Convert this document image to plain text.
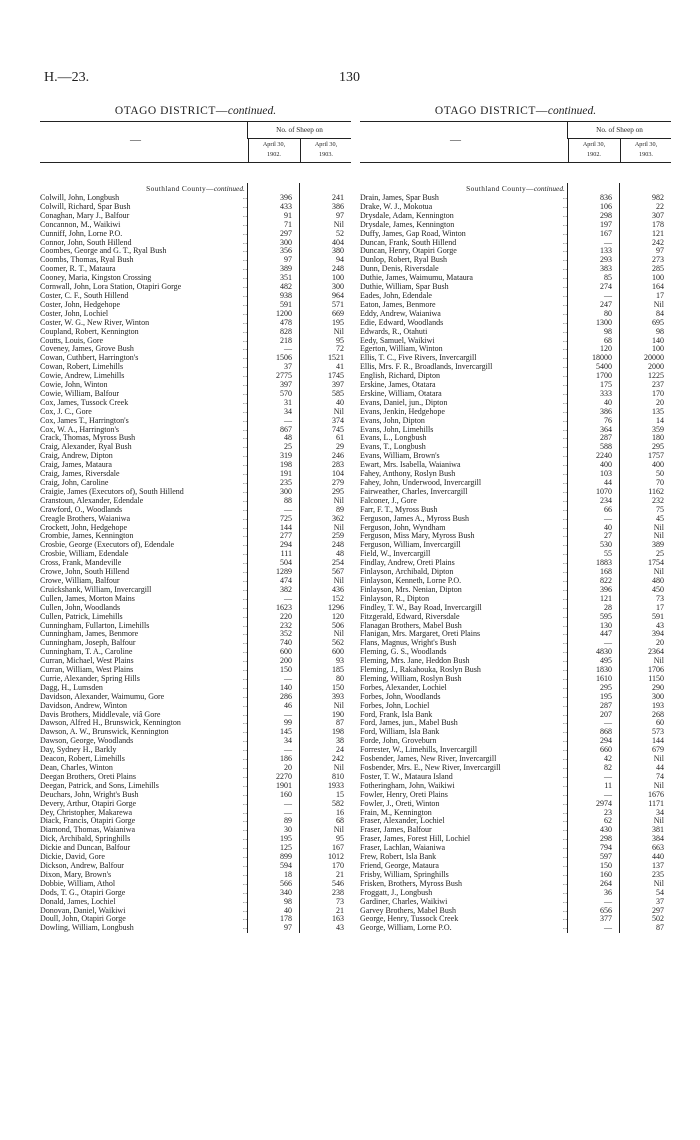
H.—23.	130
OTAGO DISTRICT—continued.
—
No. of Sheep on
April 30,
1902.
April 30,
1903.
Southland County—continued.
Colwill, John, Longbush	...	396	241
Colwill, Richard, Spar Bush	...	433	386
Conaghan, Mary J., Balfour	...	91	97
Concannon, M., Waikiwi	...	71	Nil
Cunniff, John, Lorne P.O.	...	297	52
Connor, John, South Hillend	...	300	404
Coombes, George and G. T., Ryal Bush	...	356	380
Coombs, Thomas, Ryal Bush	...	97	94
Coomer, R. T., Mataura	...	389	248
Cooney, Maria, Kingston Crossing	...	351	100
Cornwall, John, Lora Station, Otapiri Gorge	...	482	300
Coster, C. F., South Hillend	...	938	964
Coster, John, Hedgehope	...	591	571
Coster, John, Lochiel	...	1200	669
Coster, W. G., New River, Winton	...	478	195
Coupland, Robert, Kennington	...	828	Nil
Coutts, Louis, Gore	...	218	95
Coveney, James, Grove Bush	...	—	72
Cowan, Cuthbert, Harrington's	...	1506	1521
Cowan, Robert, Limehills	...	37	41
Cowie, Andrew, Limehills	...	2775	1745
Cowie, John, Winton	...	397	397
Cowie, William, Balfour	...	570	585
Cox, James, Tussock Creek	...	31	40
Cox, J. C., Gore	...	34	Nil
Cox, James T., Harrington's	...	—	374
Cox, W. A., Harrington's	...	867	745
Crack, Thomas, Myross Bush	...	48	61
Craig, Alexander, Ryal Bush	...	25	29
Craig, Andrew, Dipton	...	319	246
Craig, James, Mataura	...	198	283
Craig, James, Riversdale	...	191	104
Craig, John, Caroline	...	235	279
Craigie, James (Executors of), South Hillend	...	300	295
Cranstoun, Alexander, Edendale	...	88	Nil
Crawford, O., Woodlands	...	—	89
Creagle Brothers, Waianiwa	...	725	362
Crockett, John, Hedgehope	...	144	Nil
Crombie, James, Kennington	...	277	259
Crosbie, George (Executors of), Edendale	...	294	248
Crosbie, William, Edendale	...	111	48
Cross, Frank, Mandeville	...	504	254
Crowe, John, South Hillend	...	1289	567
Crowe, William, Balfour	...	474	Nil
Cruickshank, William, Invercargill	...	382	436
Cullen, James, Morton Mains	...	—	152
Cullen, John, Woodlands	...	1623	1296
Cullen, Patrick, Limehills	...	220	120
Cunningham, Fullarton, Limehills	...	232	506
Cunningham, James, Benmore	...	352	Nil
Cunningham, Joseph, Balfour	...	740	562
Cunningham, T. A., Caroline	...	600	600
Curran, Michael, West Plains	...	200	93
Curran, William, West Plains	...	150	185
Currie, Alexander, Spring Hills	...	—	80
Dagg, H., Lumsden	...	140	150
Davidson, Alexander, Waimumu, Gore	...	286	393
Davidson, Andrew, Winton	...	46	Nil
Davis Brothers, Middlevale, viâ Gore	...	—	190
Dawson, Alfred H., Brunswick, Kennington	...	99	87
Dawson, A. W., Brunswick, Kennington	...	145	198
Dawson, George, Woodlands	...	34	38
Day, Sydney H., Barkly	...	—	24
Deacon, Robert, Limehills	...	186	242
Dean, Charles, Winton	...	20	Nil
Deegan Brothers, Oreti Plains	...	2270	810
Deegan, Patrick, and Sons, Limehills	...	1901	1933
Deuchars, John, Wright's Bush	...	160	15
Devery, Arthur, Otapiri Gorge	...	—	582
Dey, Christopher, Makarewa	...	—	16
Diack, Francis, Otapiri Gorge	...	89	68
Diamond, Thomas, Waianiwa	...	30	Nil
Dick, Archibald, Springhills	...	195	95
Dickie and Duncan, Balfour	...	125	167
Dickie, David, Gore	...	899	1012
Dickson, Andrew, Balfour	...	594	170
Dixon, Mary, Brown's	...	18	21
Dobbie, William, Athol	...	566	546
Dods, T. G., Otapiri Gorge	...	340	238
Donald, James, Lochiel	...	98	73
Donovan, Daniel, Waikiwi	...	40	21
Doull, John, Otapiri Gorge	...	178	163
Dowling, William, Longbush	...	97	43
OTAGO DISTRICT—continued.
—
No. of Sheep on
April 30,
1902.
April 30,
1903.
Southland County—continued.
Drain, James, Spar Bush	...	836	982
Drake, W. J., Mokotua	...	106	22
Drysdale, Adam, Kennington	...	298	307
Drysdale, James, Kennington	...	197	178
Duffy, James, Gap Road, Winton	...	167	121
Duncan, Frank, South Hillend	...	—	242
Duncan, Henry, Otapiri Gorge	...	133	97
Dunlop, Robert, Ryal Bush	...	293	273
Dunn, Denis, Riversdale	...	383	285
Duthie, James, Waimumu, Mataura	...	85	100
Duthie, William, Spar Bush	...	274	164
Eades, John, Edendale	...	—	17
Eaton, James, Benmore	...	247	Nil
Eddy, Andrew, Waianiwa	...	80	84
Edie, Edward, Woodlands	...	1300	695
Edwards, R., Otahuti	...	98	98
Eedy, Samuel, Waikiwi	...	68	140
Egerton, William, Winton	...	120	100
Ellis, T. C., Five Rivers, Invercargill	...	18000	20000
Ellis, Mrs. F. R., Broadlands, Invercargill	...	5400	2000
English, Richard, Dipton	...	1700	1225
Erskine, James, Otatara	...	175	237
Erskine, William, Otatara	...	333	170
Evans, Daniel, jun., Dipton	...	40	20
Evans, Jenkin, Hedgehope	...	386	135
Evans, John, Dipton	...	76	14
Evans, John, Limehills	...	364	359
Evans, L., Longbush	...	287	180
Evans, T., Longbush	...	588	295
Evans, William, Brown's	...	2240	1757
Ewart, Mrs. Isabella, Waianiwa	...	400	400
Fahey, Anthony, Roslyn Bush	...	103	50
Fahey, John, Underwood, Invercargill	...	44	70
Fairweather, Charles, Invercargill	...	1070	1162
Falconer, J., Gore	...	234	232
Farr, F. T., Myross Bush	...	66	75
Ferguson, James A., Myross Bush	...	—	45
Ferguson, John, Wyndham	...	40	Nil
Ferguson, Miss Mary, Myross Bush	...	27	Nil
Ferguson, William, Invercargill	...	530	389
Field, W., Invercargill	...	55	25
Findlay, Andrew, Oreti Plains	...	1883	1754
Finlayson, Archibald, Dipton	...	168	Nil
Finlayson, Kenneth, Lorne P.O.	...	822	480
Finlayson, Mrs. Nenian, Dipton	...	396	450
Finlayson, R., Dipton	...	121	73
Findley, T. W., Bay Road, Invercargill	...	28	17
Fitzgerald, Edward, Riversdale	...	595	591
Flanagan Brothers, Mabel Bush	...	130	43
Flanigan, Mrs. Margaret, Oreti Plains	...	447	394
Flans, Magnus, Wright's Bush	...	—	20
Fleming, G. S., Woodlands	...	4830	2364
Fleming, Mrs. Jane, Heddon Bush	...	495	Nil
Fleming, J., Rakahouka, Roslyn Bush	...	1830	1706
Fleming, William, Roslyn Bush	...	1610	1150
Forbes, Alexander, Lochiel	...	295	290
Forbes, John, Woodlands	...	195	300
Forbes, John, Lochiel	...	287	193
Ford, Frank, Isla Bank	...	207	268
Ford, James, jun., Mabel Bush	...	—	60
Ford, William, Isla Bank	...	868	573
Forde, John, Groveburn	...	294	144
Forrester, W., Limehills, Invercargill	...	660	679
Fosbender, James, New River, Invercargill	...	42	Nil
Fosbender, Mrs. E., New River, Invercargill	...	82	44
Foster, T. W., Mataura Island	...	—	74
Fotheringham, John, Waikiwi	...	11	Nil
Fowler, Henry, Oreti Plains	...	—	1676
Fowler, J., Oreti, Winton	...	2974	1171
Frain, M., Kennington	...	23	34
Fraser, Alexander, Lochiel	...	62	Nil
Fraser, James, Balfour	...	430	381
Fraser, James, Forest Hill, Lochiel	...	298	384
Fraser, Lachlan, Waianiwa	...	794	663
Frew, Robert, Isla Bank	...	597	440
Friend, George, Mataura	...	150	137
Frisby, William, Springhills	...	160	235
Frisken, Brothers, Myross Bush	...	264	Nil
Froggatt, J., Longbush	...	36	54
Gardiner, Charles, Waikiwi	...	—	37
Garvey Brothers, Mabel Bush	...	656	297
George, Henry, Tussock Creek	...	377	502
George, William, Lorne P.O.	...	—	87
